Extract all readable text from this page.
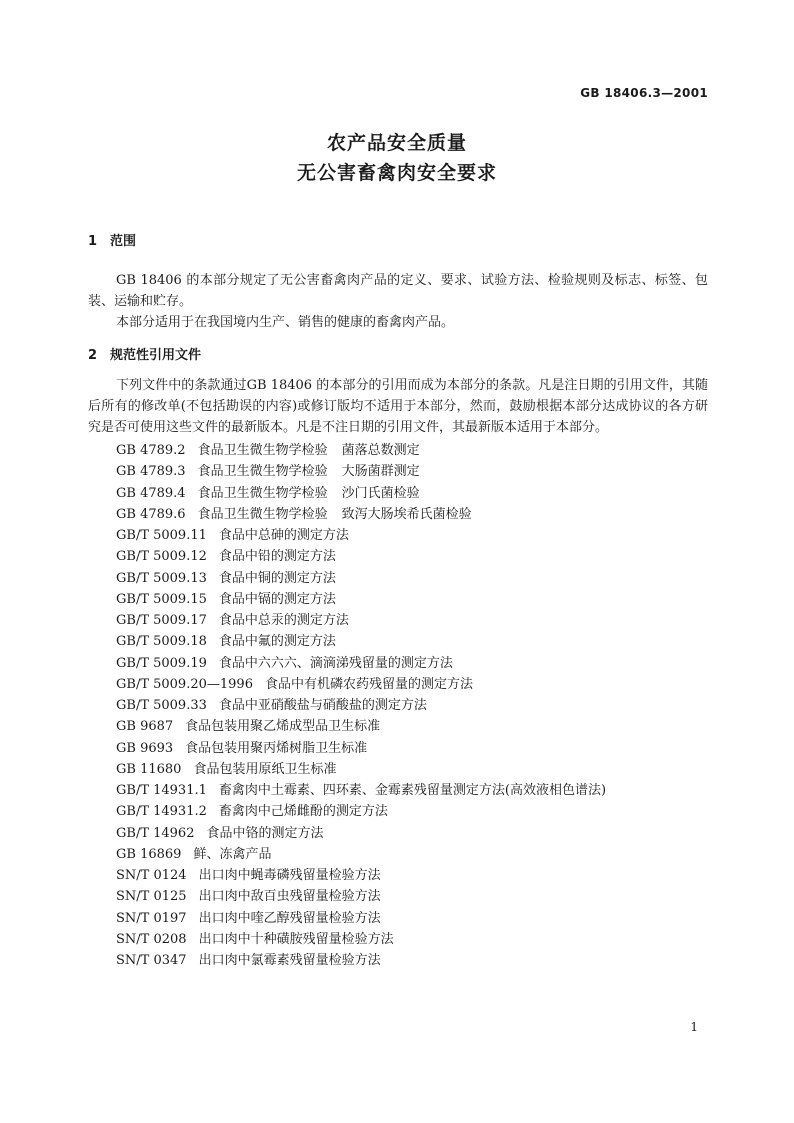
GB 18406.3—2001
农产品安全质量
无公害畜禽肉安全要求
1 范围

GB 18406 的本部分规定了无公害畜禽肉产品的定义、要求、试验方法、检验规则及标志、标签、包装、运输和贮存。

本部分适用于在我国境内生产、销售的健康的畜禽肉产品。

2 规范性引用文件

下列文件中的条款通过GB 18406 的本部分的引用而成为本部分的条款。凡是注日期的引用文件，其随后所有的修改单(不包括勘误的内容)或修订版均不适用于本部分，然而，鼓励根据本部分达成协议的各方研究是否可使用这些文件的最新版本。凡是不注日期的引用文件，其最新版本适用于本部分。

GB 4789.2 食品卫生微生物学检验 菌落总数测定
GB 4789.3 食品卫生微生物学检验 大肠菌群测定
GB 4789.4 食品卫生微生物学检验 沙门氏菌检验
GB 4789.6 食品卫生微生物学检验 致泻大肠埃希氏菌检验
GB/T 5009.11 食品中总砷的测定方法
GB/T 5009.12 食品中铅的测定方法
GB/T 5009.13 食品中铜的测定方法
GB/T 5009.15 食品中镉的测定方法
GB/T 5009.17 食品中总汞的测定方法
GB/T 5009.18 食品中氟的测定方法
GB/T 5009.19 食品中六六六、滴滴涕残留量的测定方法
GB/T 5009.20—1996 食品中有机磷农药残留量的测定方法
GB/T 5009.33 食品中亚硝酸盐与硝酸盐的测定方法
GB 9687 食品包装用聚乙烯成型品卫生标准
GB 9693 食品包装用聚丙烯树脂卫生标准
GB 11680 食品包装用原纸卫生标准
GB/T 14931.1 畜禽肉中土霉素、四环素、金霉素残留量测定方法(高效液相色谱法)
GB/T 14931.2 畜禽肉中己烯雌酚的测定方法
GB/T 14962 食品中铬的测定方法
GB 16869 鲜、冻禽产品
SN/T 0124 出口肉中蝇毒磷残留量检验方法
SN/T 0125 出口肉中敌百虫残留量检验方法
SN/T 0197 出口肉中喹乙醇残留量检验方法
SN/T 0208 出口肉中十种磺胺残留量检验方法
SN/T 0347 出口肉中氯霉素残留量检验方法
1
